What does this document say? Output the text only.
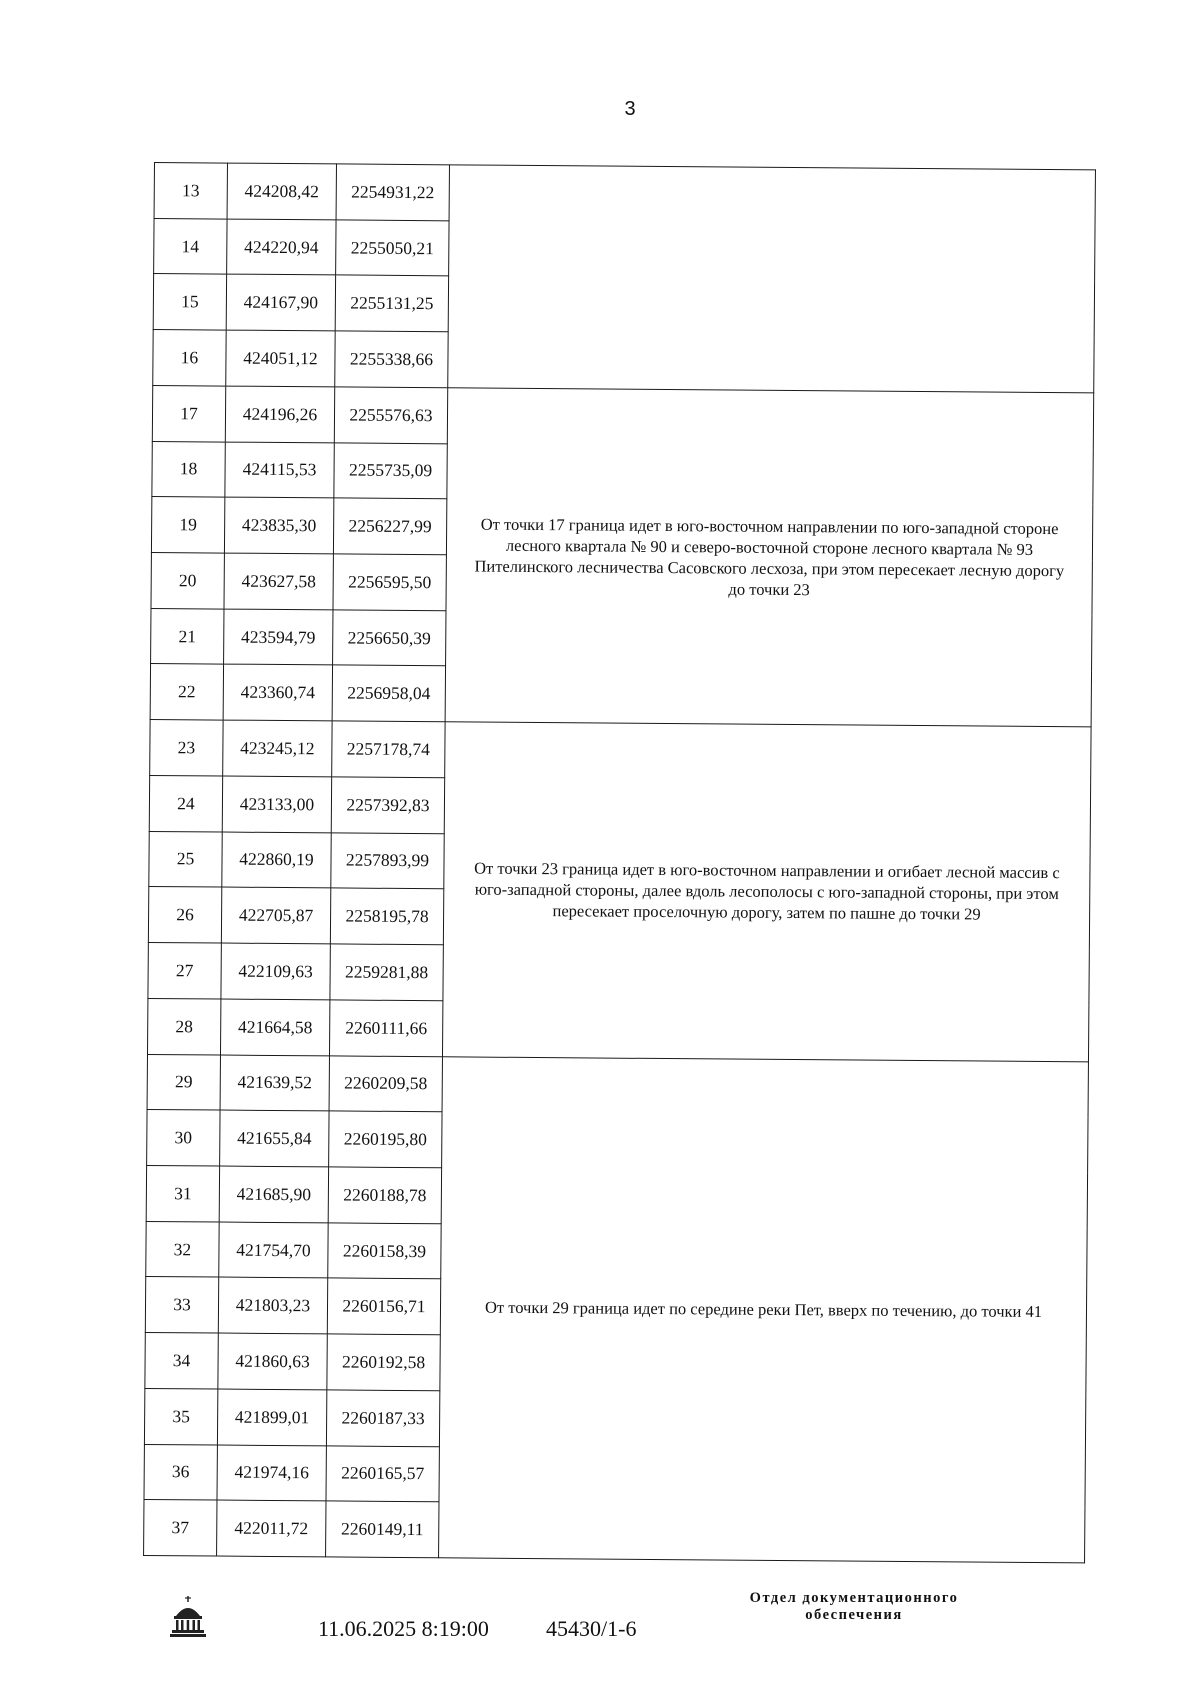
3
13	424208,42	2254931,22	
14	424220,94	2255050,21	
15	424167,90	2255131,25	
16	424051,12	2255338,66	
17	424196,26	2255576,63	От точки 17 граница идет в юго-восточном направлении по юго-западной стороне лесного квартала № 90 и северо-восточной стороне лесного квартала № 93 Пителинского лесничества Сасовского лесхоза, при этом пересекает лесную дорогу до точки 23
18	424115,53	2255735,09	
19	423835,30	2256227,99	
20	423627,58	2256595,50	
21	423594,79	2256650,39	
22	423360,74	2256958,04	
23	423245,12	2257178,74	От точки 23 граница идет в юго-восточном направлении и огибает лесной массив с юго-западной стороны, далее вдоль лесополосы с юго-западной стороны, при этом пересекает проселочную дорогу, затем по пашне до точки 29
24	423133,00	2257392,83	
25	422860,19	2257893,99	
26	422705,87	2258195,78	
27	422109,63	2259281,88	
28	421664,58	2260111,66	
29	421639,52	2260209,58	От точки 29 граница идет по середине реки Пет, вверх по течению, до точки 41
30	421655,84	2260195,80	
31	421685,90	2260188,78	
32	421754,70	2260158,39	
33	421803,23	2260156,71	
34	421860,63	2260192,58	
35	421899,01	2260187,33	
36	421974,16	2260165,57	
37	422011,72	2260149,11	
11.06.2025 8:19:00	45430/1-6
Отдел документационного
обеспечения
